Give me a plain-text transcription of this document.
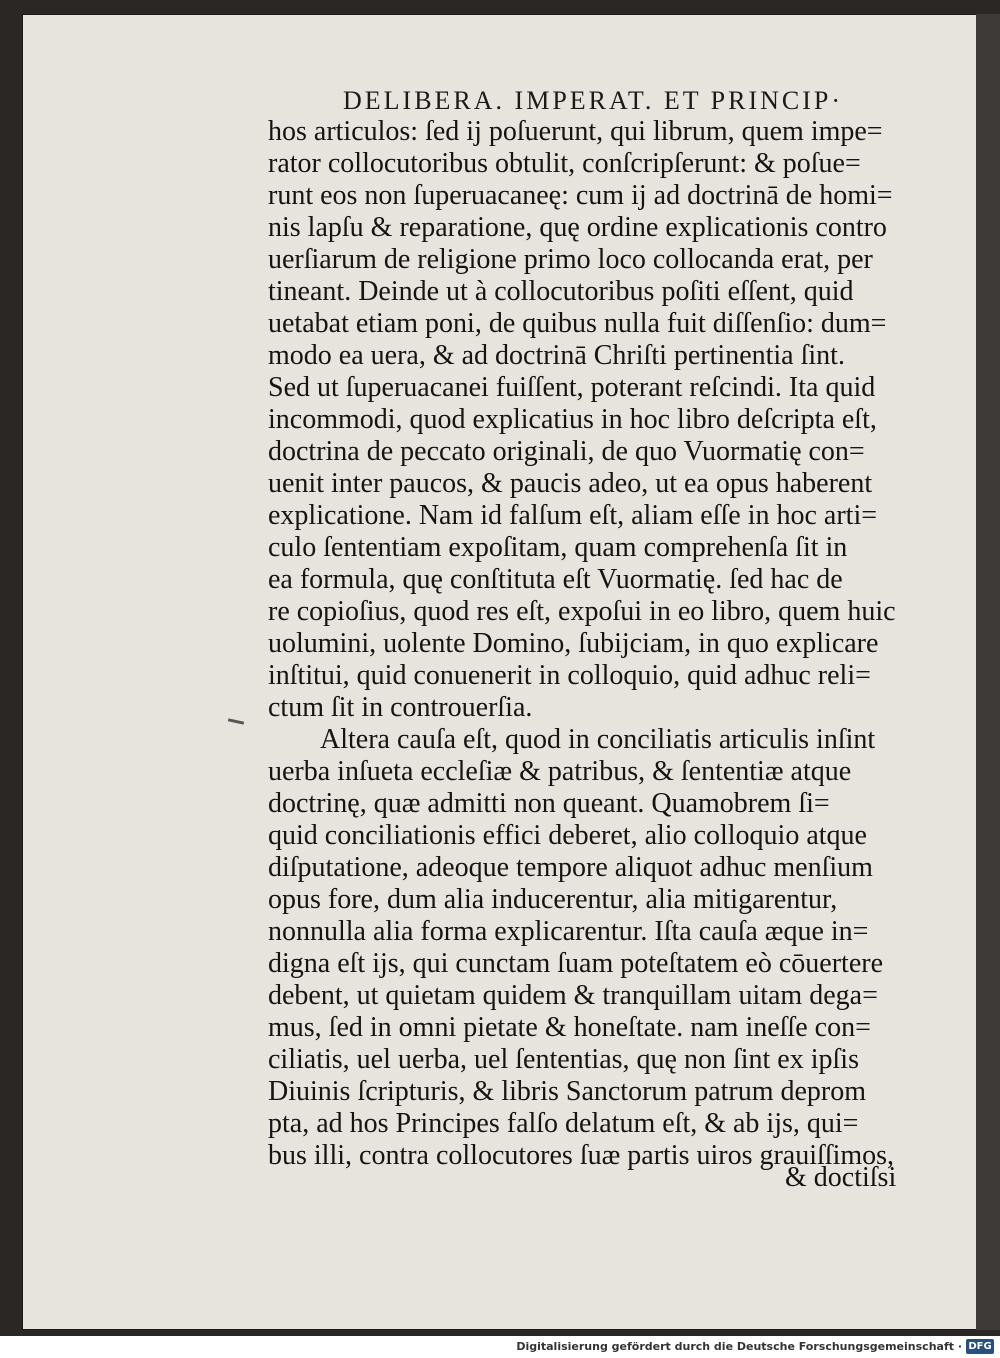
DELIBERA. IMPERAT. ET PRINCIP·
hos articulos: ſed ij poſuerunt, qui librum, quem impe=
rator collocutoribus obtulit, conſcripſerunt: & poſue=
runt eos non ſuperuacaneę: cum ij ad doctrinā de homi=
nis lapſu & reparatione, quę ordine explicationis contro
uerſiarum de religione primo loco collocanda erat, per
tineant. Deinde ut à collocutoribus poſiti eſſent, quid
uetabat etiam poni, de quibus nulla fuit diſſenſio: dum=
modo ea uera, & ad doctrinā Chriſti pertinentia ſint.
Sed ut ſuperuacanei fuiſſent, poterant reſcindi. Ita quid
incommodi, quod explicatius in hoc libro deſcripta eſt,
doctrina de peccato originali, de quo Vuormatię con=
uenit inter paucos, & paucis adeo, ut ea opus haberent
explicatione. Nam id falſum eſt, aliam eſſe in hoc arti=
culo ſententiam expoſitam, quam comprehenſa ſit in
ea formula, quę conſtituta eſt Vuormatię. ſed hac de
re copioſius, quod res eſt, expoſui in eo libro, quem huic
uolumini, uolente Domino, ſubijciam, in quo explicare
inſtitui, quid conuenerit in colloquio, quid adhuc reli=
ctum ſit in controuerſia.
Altera cauſa eſt, quod in conciliatis articulis inſint
uerba inſueta eccleſiæ & patribus, & ſententiæ atque
doctrinę, quæ admitti non queant. Quamobrem ſi=
quid conciliationis effici deberet, alio colloquio atque
diſputatione, adeoque tempore aliquot adhuc menſium
opus fore, dum alia inducerentur, alia mitigarentur,
nonnulla alia forma explicarentur. Iſta cauſa æque in=
digna eſt ijs, qui cunctam ſuam poteſtatem eò cōuertere
debent, ut quietam quidem & tranquillam uitam dega=
mus, ſed in omni pietate & honeſtate. nam ineſſe con=
ciliatis, uel uerba, uel ſententias, quę non ſint ex ipſis
Diuinis ſcripturis, & libris Sanctorum patrum deprom
pta, ad hos Principes falſo delatum eſt, & ab ijs, qui=
bus illi, contra collocutores ſuæ partis uiros grauiſſimos,
& doctiſsi
Digitalisierung gefördert durch die Deutsche Forschungsgemeinschaft · DFG
